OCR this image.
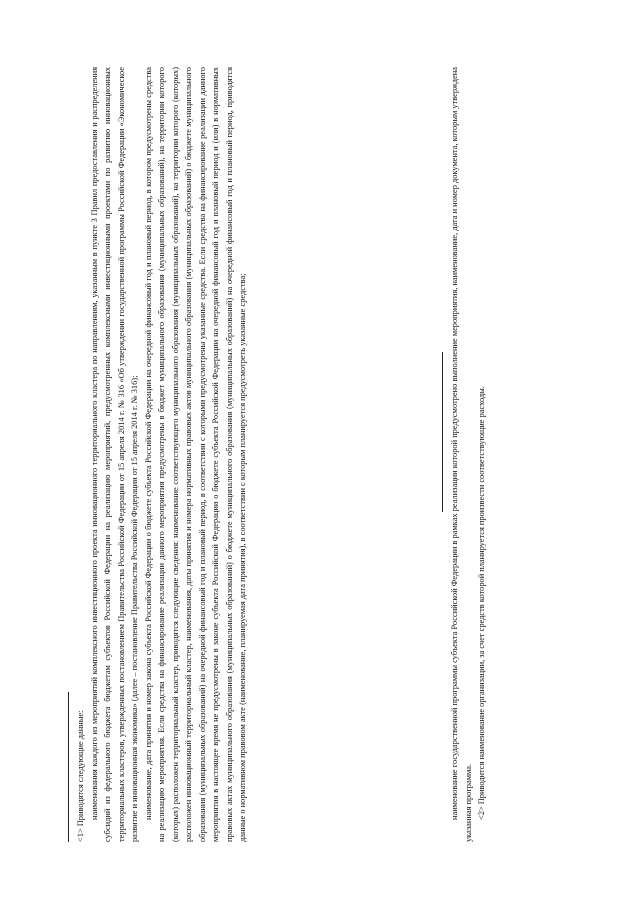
<1> Приводятся следующие данные: наименования каждого из мероприятий комплексного инвестиционного проекта инновационного территориального кластера по направлениям, указанным в пункте 3 Правил предоставления и распределения субсидий из федерального бюджета бюджетам субъектов Российской Федерации на реализацию мероприятий, предусмотренных комплексными инвестиционными проектами по развитию инновационных территориальных кластеров, утвержденных постановлением Правительства Российской Федерации от 15 апреля 2014 г. № 316 «Об утверждении государственной программы Российской Федерации «Экономическое развитие и инновационная экономика» (далее – постановление Правительства Российской Федерации от 15 апреля 2014 г. № 316); наименование, дата принятия и номер закона субъекта Российской Федерации о бюджете субъекта Российской Федерации на очередной финансовый год и плановый период, в котором предусмотрены средства на реализацию мероприятия. Если средства на финансирование реализации данного мероприятия предусмотрены в бюджет муниципального образования (муниципальных образований), на территории которого (которых) расположен территориальный кластер, приводятся следующие сведения: наименование соответствующего муниципального образования (муниципальных образований), на территории которого (которых) расположен инновационный территориальный кластер, наименования, даты принятия и номера нормативных правовых актов муниципального образования (муниципальных образований) о бюджете муниципального образования (муниципальных образований) на очередной финансовый год и плановый период, в соответствии с которыми предусмотрены указанные средства. Если средства на финансирование реализации данного мероприятия в настоящее время не предусмотрены в законе субъекта Российской Федерации о бюджете субъекта Российской Федерации на очередной финансовый год и плановый период и (или) в нормативных правовых актах муниципального образования (муниципальных образований) о бюджете муниципального образования (муниципальных образований) на очередной финансовый год и плановый период, приводятся данные о нормативном правовом акте (наименование, планируемая дата принятия), в соответствии с которым планируется предусмотреть указанные средства;	наименование государственной программы субъекта Российской Федерации в рамках реализации которой предусмотрено выполнение мероприятия, наименование, дата и номер документа, которым утверждена указанная программа. <2> Приводится наименование организации, за счет средств которой планируется произвести соответствующие расходы.
